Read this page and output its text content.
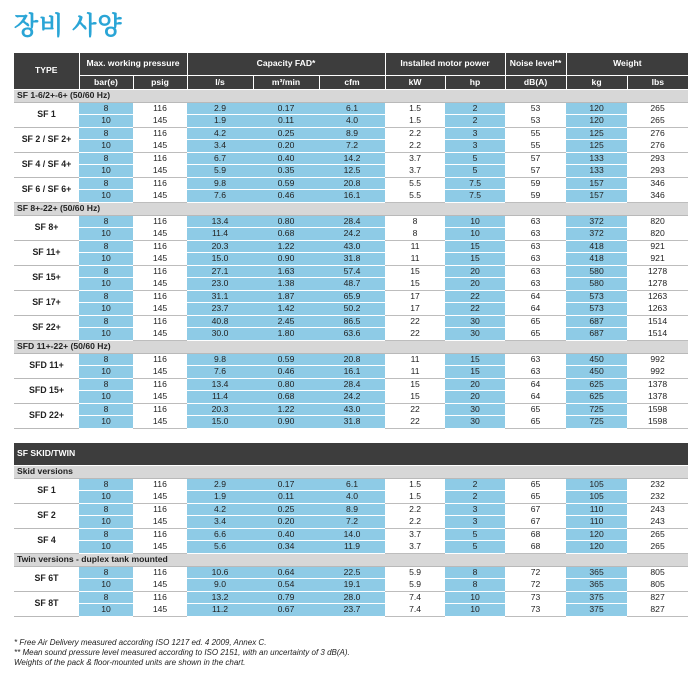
장비 사양
TYPE	Max. working pressure		Capacity FAD*			Installed motor power		Noise level**	Weight	
	bar(e)	psig	l/s	m³/min	cfm	kW	hp	dB(A)	kg	lbs
SF 1-6/2+-6+ (50/60 Hz)										
SF 1	8	116	2.9	0.17	6.1	1.5	2	53	120	265
	10	145	1.9	0.11	4.0	1.5	2	53	120	265
SF 2 / SF 2+	8	116	4.2	0.25	8.9	2.2	3	55	125	276
	10	145	3.4	0.20	7.2	2.2	3	55	125	276
SF 4 / SF 4+	8	116	6.7	0.40	14.2	3.7	5	57	133	293
	10	145	5.9	0.35	12.5	3.7	5	57	133	293
SF 6 / SF 6+	8	116	9.8	0.59	20.8	5.5	7.5	59	157	346
	10	145	7.6	0.46	16.1	5.5	7.5	59	157	346
SF 8+-22+ (50/60 Hz)										
SF 8+	8	116	13.4	0.80	28.4	8	10	63	372	820
	10	145	11.4	0.68	24.2	8	10	63	372	820
SF 11+	8	116	20.3	1.22	43.0	11	15	63	418	921
	10	145	15.0	0.90	31.8	11	15	63	418	921
SF 15+	8	116	27.1	1.63	57.4	15	20	63	580	1278
	10	145	23.0	1.38	48.7	15	20	63	580	1278
SF 17+	8	116	31.1	1.87	65.9	17	22	64	573	1263
	10	145	23.7	1.42	50.2	17	22	64	573	1263
SF 22+	8	116	40.8	2.45	86.5	22	30	65	687	1514
	10	145	30.0	1.80	63.6	22	30	65	687	1514
SFD 11+-22+ (50/60 Hz)										
SFD 11+	8	116	9.8	0.59	20.8	11	15	63	450	992
	10	145	7.6	0.46	16.1	11	15	63	450	992
SFD 15+	8	116	13.4	0.80	28.4	15	20	64	625	1378
	10	145	11.4	0.68	24.2	15	20	64	625	1378
SFD 22+	8	116	20.3	1.22	43.0	22	30	65	725	1598
	10	145	15.0	0.90	31.8	22	30	65	725	1598

SF SKID/TWIN										
Skid versions										
SF 1	8	116	2.9	0.17	6.1	1.5	2	65	105	232
	10	145	1.9	0.11	4.0	1.5	2	65	105	232
SF 2	8	116	4.2	0.25	8.9	2.2	3	67	110	243
	10	145	3.4	0.20	7.2	2.2	3	67	110	243
SF 4	8	116	6.6	0.40	14.0	3.7	5	68	120	265
	10	145	5.6	0.34	11.9	3.7	5	68	120	265
Twin versions - duplex tank mounted										
SF 6T	8	116	10.6	0.64	22.5	5.9	8	72	365	805
	10	145	9.0	0.54	19.1	5.9	8	72	365	805
SF 8T	8	116	13.2	0.79	28.0	7.4	10	73	375	827
	10	145	11.2	0.67	23.7	7.4	10	73	375	827
* Free Air Delivery measured according ISO 1217 ed. 4 2009, Annex C.
** Mean sound pressure level measured according to ISO 2151, with an uncertainty of 3 dB(A).
Weights of the pack & floor-mounted units are shown in the chart.
